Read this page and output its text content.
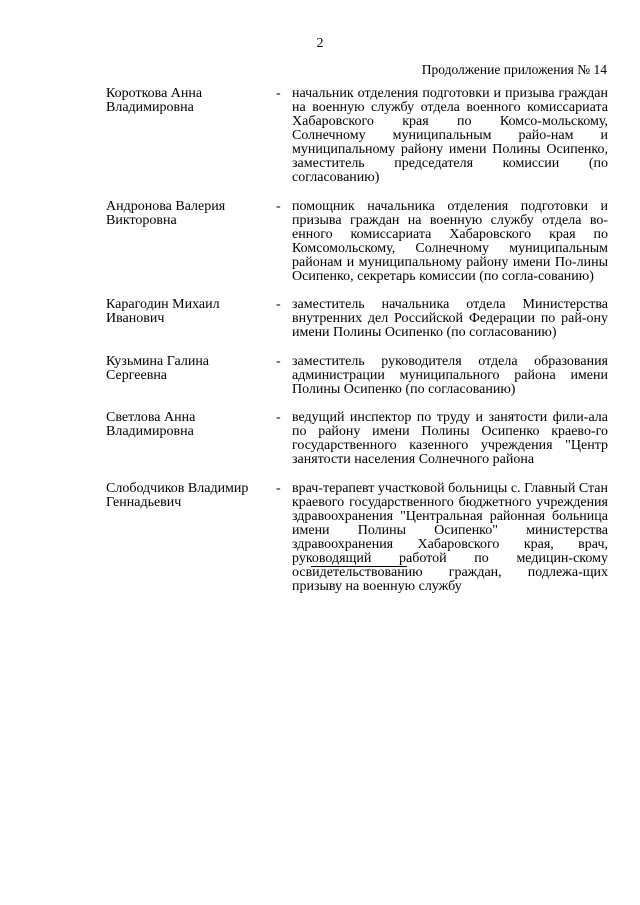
2
Продолжение приложения № 14
Короткова Анна
Владимировна
- начальник отделения подготовки и призыва граждан на военную службу отдела военного комиссариата Хабаровского края по Комсо-мольскому, Солнечному муниципальным райо-нам и муниципальному району имени Полины Осипенко, заместитель председателя комиссии (по согласованию)
Андронова Валерия
Викторовна
- помощник начальника отделения подготовки и призыва граждан на военную службу отдела во-енного комиссариата Хабаровского края по Комсомольскому, Солнечному муниципальным районам и муниципальному району имени По-лины Осипенко, секретарь комиссии (по согла-сованию)
Карагодин Михаил
Иванович
- заместитель начальника отдела Министерства внутренних дел Российской Федерации по рай-ону имени Полины Осипенко (по согласованию)
Кузьмина Галина
Сергеевна
- заместитель руководителя отдела образования администрации муниципального района имени Полины Осипенко (по согласованию)
Светлова Анна
Владимировна
- ведущий инспектор по труду и занятости фили-ала по району имени Полины Осипенко краево-го государственного казенного учреждения "Центр занятости населения Солнечного района
Слободчиков Владимир
Геннадьевич
- врач-терапевт участковой больницы с. Главный Стан краевого государственного бюджетного учреждения здравоохранения "Центральная районная больница имени Полины Осипенко" министерства здравоохранения Хабаровского края, врач, руководящий работой по медицин-скому освидетельствованию граждан, подлежа-щих призыву на военную службу
